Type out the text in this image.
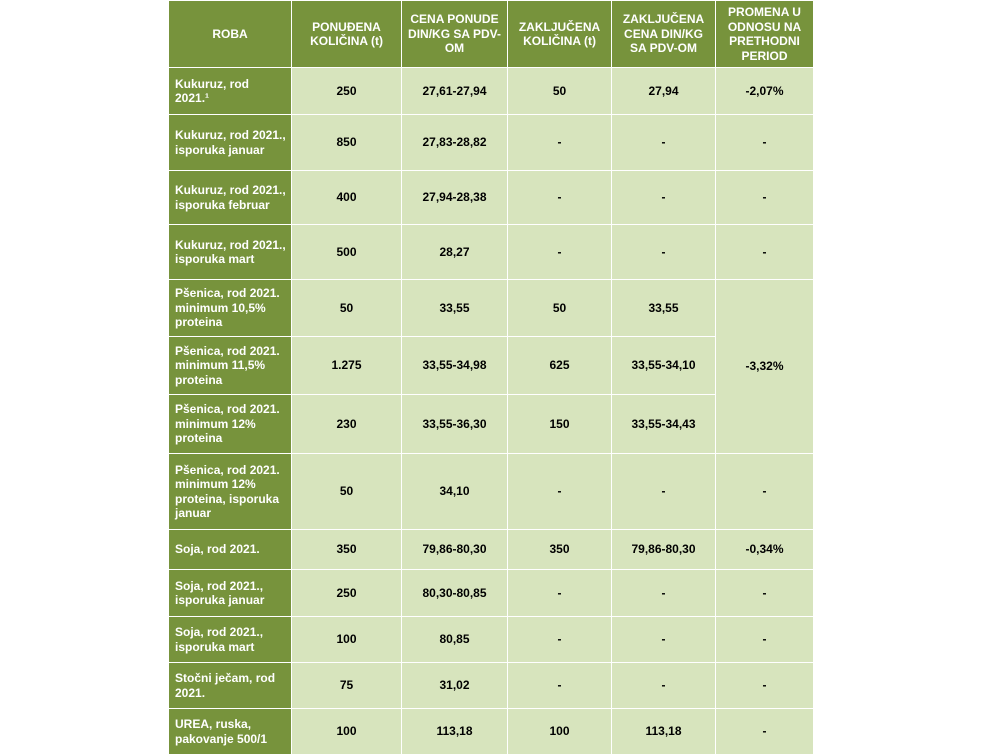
ROBA	PONUĐENA KOLIČINA (t)	CENA PONUDE DIN/KG SA PDV-OM	ZAKLJUČENA KOLIČINA (t)	ZAKLJUČENA CENA DIN/KG SA PDV-OM	PROMENA U ODNOSU NA PRETHODNI PERIOD
Kukuruz, rod 2021.¹	250	27,61-27,94	50	27,94	-2,07%
Kukuruz, rod 2021., isporuka januar	850	27,83-28,82	-	-	-
Kukuruz, rod 2021., isporuka februar	400	27,94-28,38	-	-	-
Kukuruz, rod 2021., isporuka mart	500	28,27	-	-	-
Pšenica, rod 2021. minimum 10,5% proteina	50	33,55	50	33,55	-3,32%
Pšenica, rod 2021. minimum 11,5% proteina	1.275	33,55-34,98	625	33,55-34,10	
Pšenica, rod 2021. minimum 12% proteina	230	33,55-36,30	150	33,55-34,43	
Pšenica, rod 2021. minimum 12% proteina, isporuka januar	50	34,10	-	-	-
Soja, rod 2021.	350	79,86-80,30	350	79,86-80,30	-0,34%
Soja, rod 2021., isporuka januar	250	80,30-80,85	-	-	-
Soja, rod 2021., isporuka mart	100	80,85	-	-	-
Stočni ječam, rod 2021.	75	31,02	-	-	-
UREA, ruska, pakovanje 500/1	100	113,18	100	113,18	-
